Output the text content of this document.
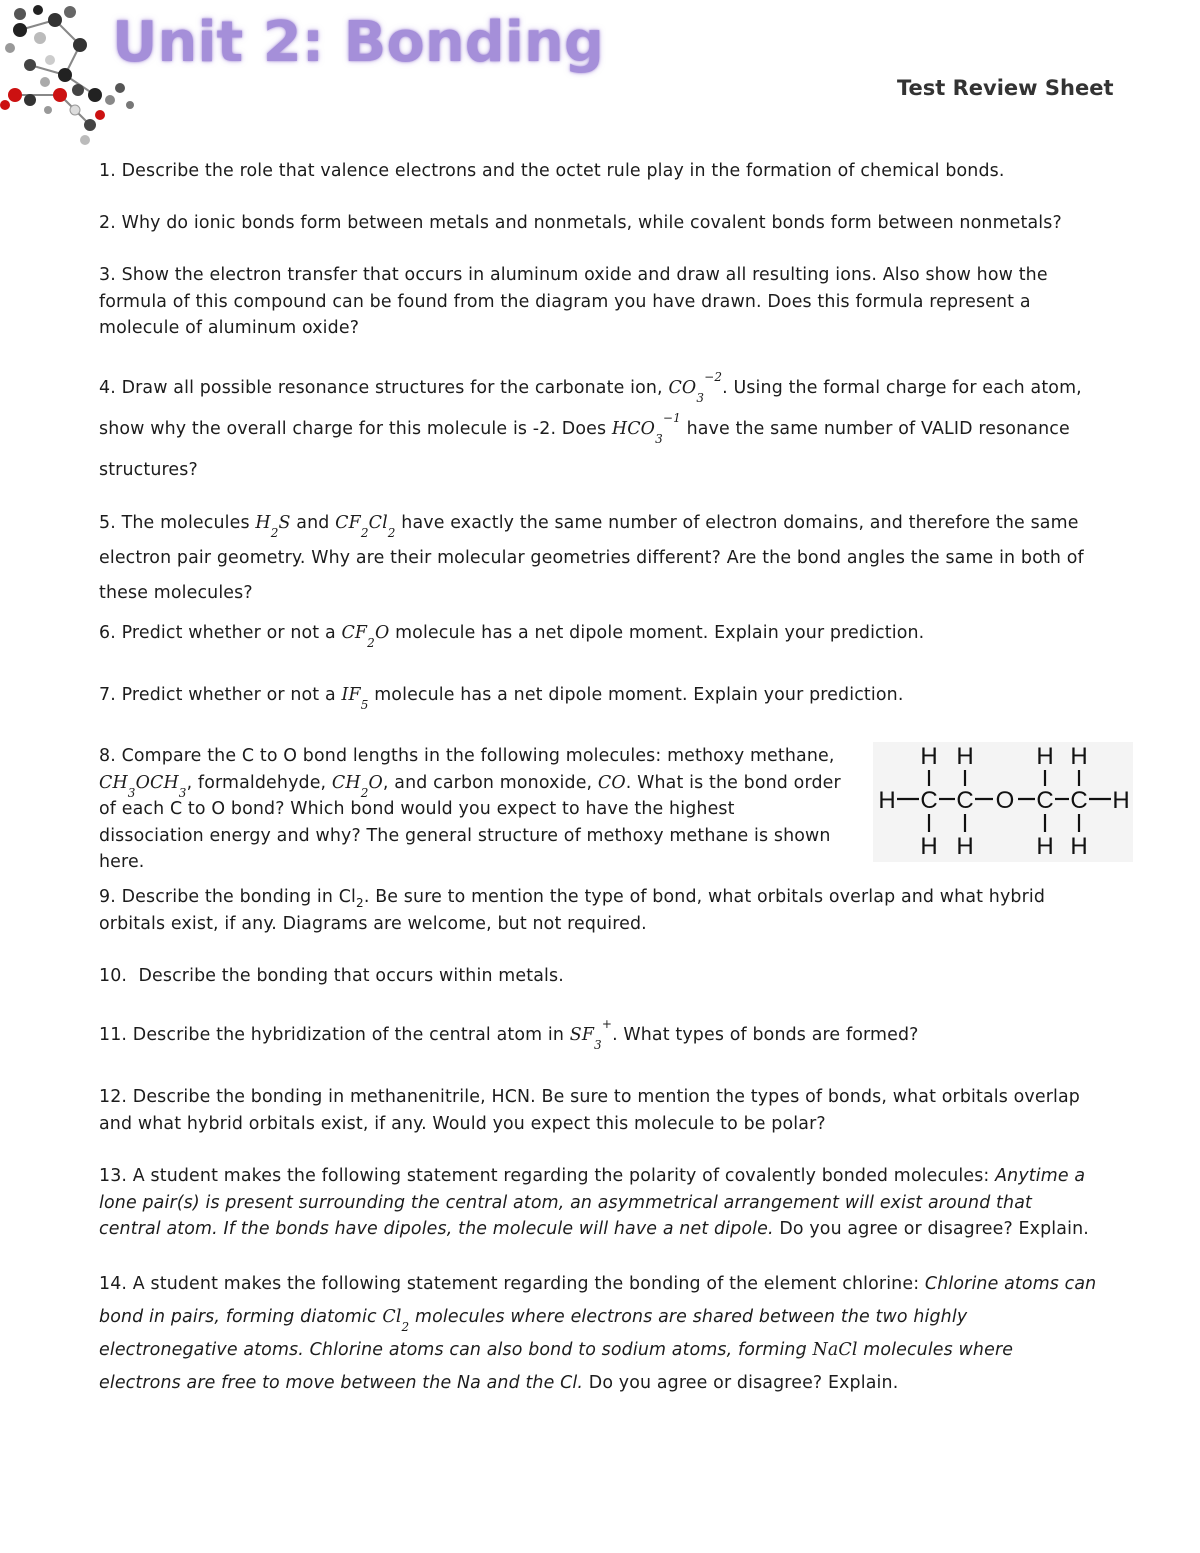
Unit 2: Bonding
Test Review Sheet
1. Describe the role that valence electrons and the octet rule play in the formation of chemical bonds.
2. Why do ionic bonds form between metals and nonmetals, while covalent bonds form between nonmetals?
3. Show the electron transfer that occurs in aluminum oxide and draw all resulting ions. Also show how the formula of this compound can be found from the diagram you have drawn. Does this formula represent a molecule of aluminum oxide?
4. Draw all possible resonance structures for the carbonate ion, $CO_3^{-2}$. Using the formal charge for each atom, show why the overall charge for this molecule is -2. Does $HCO_3^{-1}$ have the same number of VALID resonance structures?
5. The molecules $H_2S$ and $CF_2Cl_2$ have exactly the same number of electron domains, and therefore the same electron pair geometry. Why are their molecular geometries different? Are the bond angles the same in both of these molecules?
6. Predict whether or not a $CF_2O$ molecule has a net dipole moment. Explain your prediction.
7. Predict whether or not a $IF_5$ molecule has a net dipole moment. Explain your prediction.
8. Compare the C to O bond lengths in the following molecules: methoxy methane, $CH_3OCH_3$, formaldehyde, $CH_2O$, and carbon monoxide, CO. What is the bond order of each C to O bond? Which bond would you expect to have the highest dissociation energy and why? The general structure of methoxy methane is shown here.
H H	H H
H C C O C C H
H H	H H
9. Describe the bonding in $Cl_2$. Be sure to mention the type of bond, what orbitals overlap and what hybrid orbitals exist, if any. Diagrams are welcome, but not required.
10. Describe the bonding that occurs within metals.
11. Describe the hybridization of the central atom in $SF_3^+$. What types of bonds are formed?
12. Describe the bonding in methanenitrile, HCN. Be sure to mention the types of bonds, what orbitals overlap and what hybrid orbitals exist, if any. Would you expect this molecule to be polar?
13. A student makes the following statement regarding the polarity of covalently bonded molecules: Anytime a lone pair(s) is present surrounding the central atom, an asymmetrical arrangement will exist around that central atom. If the bonds have dipoles, the molecule will have a net dipole. Do you agree or disagree? Explain.
14. A student makes the following statement regarding the bonding of the element chlorine: Chlorine atoms can bond in pairs, forming diatomic $Cl_2$ molecules where electrons are shared between the two highly electronegative atoms. Chlorine atoms can also bond to sodium atoms, forming NaCl molecules where electrons are free to move between the Na and the Cl. Do you agree or disagree? Explain.
